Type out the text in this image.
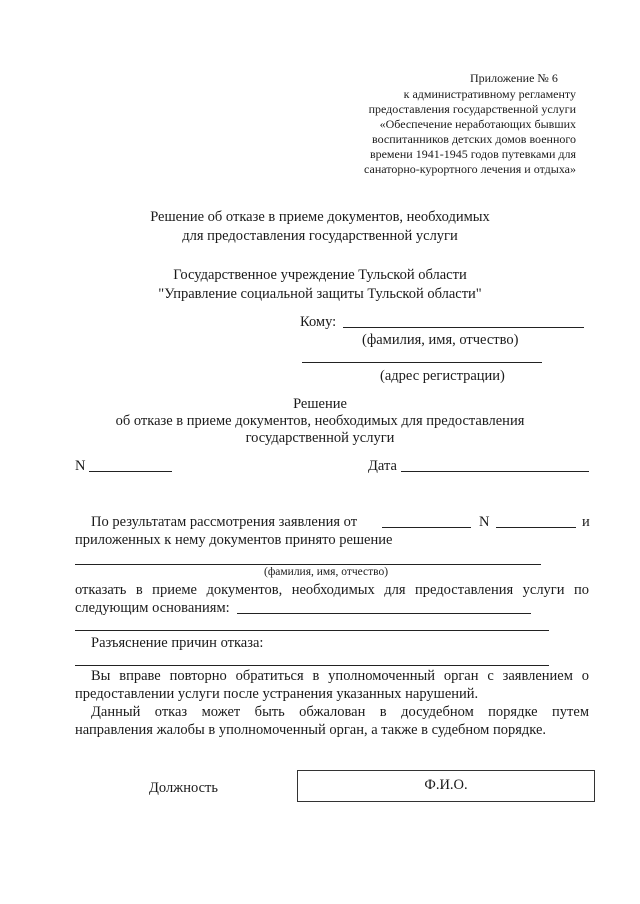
Приложение № 6
к административному регламенту
предоставления государственной услуги
«Обеспечение неработающих бывших
воспитанников детских домов военного
времени 1941-1945 годов путевками для
санаторно-курортного лечения и отдыха»
Решение об отказе в приеме документов, необходимых
для предоставления государственной услуги
Государственное учреждение Тульской области
"Управление социальной защиты Тульской области"
Кому:
(фамилия, имя, отчество)
(адрес регистрации)
Решение
об отказе в приеме документов, необходимых для предоставления
государственной услуги
N	Дата
По результатам рассмотрения заявления от	N	и
приложенных к нему документов принято решение
(фамилия, имя, отчество)
отказать в приеме документов, необходимых для предоставления услуги по
следующим основаниям:
Разъяснение причин отказа:
Вы вправе повторно обратиться в уполномоченный орган с заявлением о
предоставлении услуги после устранения указанных нарушений.
Данный отказ может быть обжалован в досудебном порядке путем
направления жалобы в уполномоченный орган, а также в судебном порядке.
Должность	Ф.И.О.
